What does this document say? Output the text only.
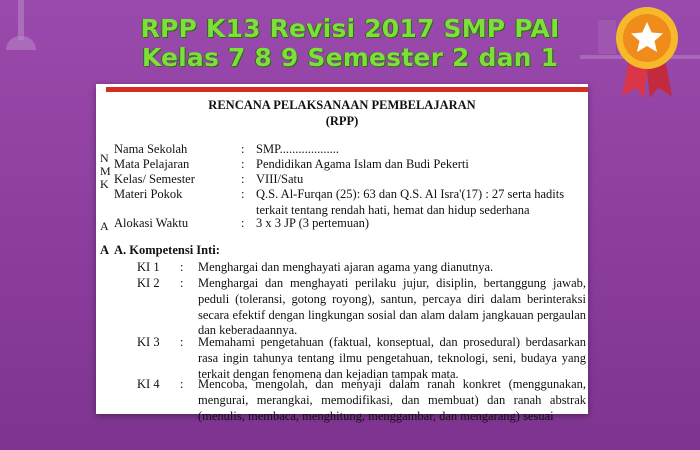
RPP K13 Revisi 2017 SMP PAI
Kelas 7 8 9 Semester 2 dan 1
RENCANA PELAKSANAAN PEMBELAJARAN
(RPP)
N
M
K
A
Nama Sekolah	: SMP...................
Mata Pelajaran	: Pendidikan Agama Islam dan Budi Pekerti
Kelas/ Semester	: VIII/Satu
Materi Pokok	: Q.S. Al-Furqan (25): 63 dan Q.S. Al Isra'(17) : 27 serta hadits terkait tentang rendah hati, hemat dan hidup sederhana
Alokasi Waktu	: 3 x 3 JP (3 pertemuan)
A A. Kompetensi Inti:
KI 1 : Menghargai dan menghayati ajaran agama yang dianutnya.
KI 2 : Menghargai dan menghayati perilaku jujur, disiplin, bertanggung jawab, peduli (toleransi, gotong royong), santun, percaya diri dalam berinteraksi secara efektif dengan lingkungan sosial dan alam dalam jangkauan pergaulan dan keberadaannya.
KI 3 : Memahami pengetahuan (faktual, konseptual, dan prosedural) berdasarkan rasa ingin tahunya tentang ilmu pengetahuan, teknologi, seni, budaya yang terkait dengan fenomena dan kejadian tampak mata.
KI 4 : Mencoba, mengolah, dan menyaji dalam ranah konkret (menggunakan, mengurai, merangkai, memodifikasi, dan membuat) dan ranah abstrak (menulis, membaca, menghitung, menggambar, dan mengarang) sesuai
